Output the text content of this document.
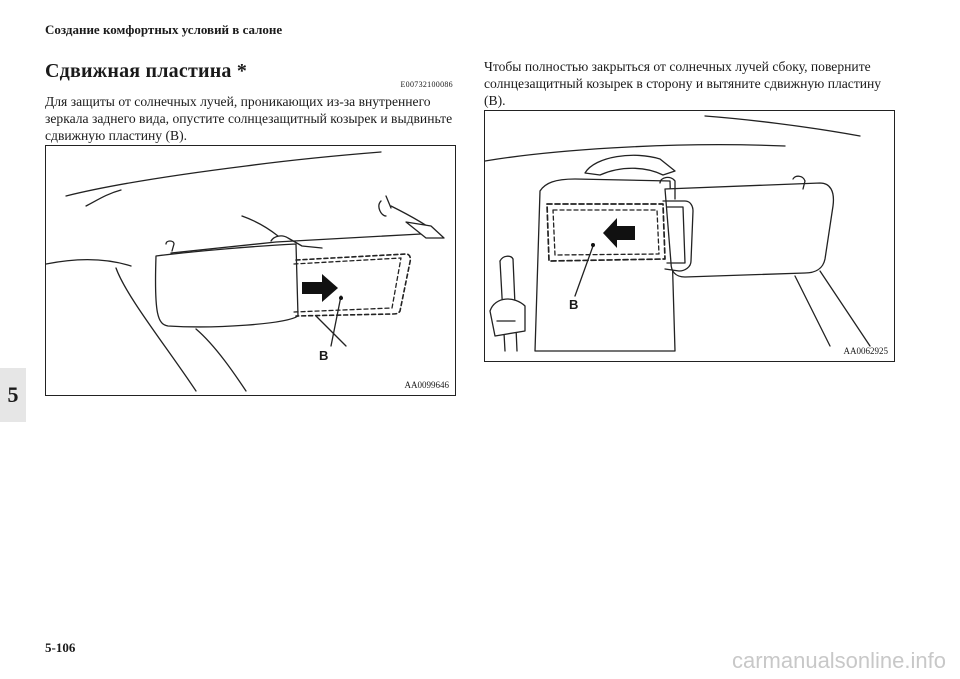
Создание комфортных условий в салоне
5
Сдвижная пластина *
E00732100086
Для защиты от солнечных лучей, проникающих из-за внутреннего зеркала заднего вида, опустите солнцезащитный козырек и выдвиньте сдвижную пластину (B).
B
AA0099646
Чтобы полностью закрыться от солнечных лучей сбоку, поверните солнцезащитный козырек в сторону и вытяните сдвижную пластину (B).
B
AA0062925
5-106
carmanualsonline.info
